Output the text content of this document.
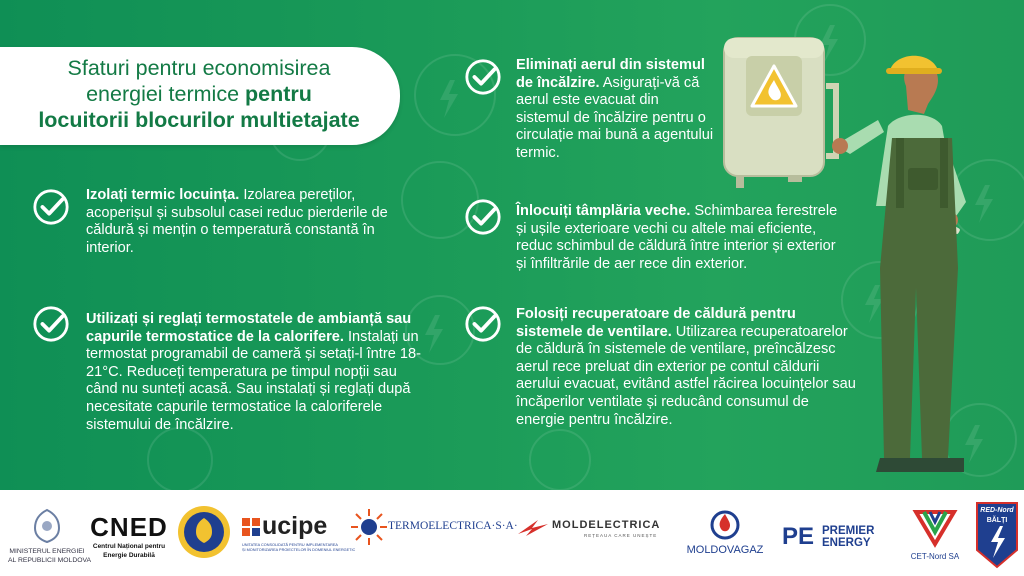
Sfaturi pentru economisirea
energiei termice pentru
locuitorii blocurilor multietajate
Izolați termic locuința. Izolarea pereților, acoperișul și subsolul casei reduc pierderile de căldură și mențin o temperatură constantă în interior.
Utilizați și reglați termostatele de ambianță sau capurile termostatice de la calorifere. Instalați un termostat programabil de cameră și setați-l între 18-21°C. Reduceți temperatura pe timpul nopții sau când nu sunteți acasă. Sau instalați și reglați după necesitate capurile termostatice la caloriferele sistemului de încălzire.
Eliminați aerul din sistemul de încălzire. Asigurați-vă că aerul este evacuat din sistemul de încălzire pentru o circulație mai bună a agentului termic.
Înlocuiți tâmplăria veche. Schimbarea ferestrele și ușile exterioare vechi cu altele mai eficiente, reduc schimbul de căldură între interior și exterior și înfiltrările de aer rece din exterior.
Folosiți recuperatoare de căldură pentru sistemele de ventilare. Utilizarea recuperatoarelor de căldură în sistemele de ventilare, preîncălzesc aerul rece preluat din exterior pe contul căldurii aerului evacuat, evitând astfel răcirea locuințelor sau încăperilor ventilate și reducând consumul de energie pentru încălzire.
MINISTERUL ENERGIEI
AL REPUBLICII MOLDOVA
CNED
Centrul Național pentru
Energie Durabilă
ucipe
UNITATEA CONSOLIDATĂ PENTRU IMPLEMENTAREA
ȘI MONITORIZAREA PROIECTELOR ÎN DOMENIUL ENERGETIC
TERMOELECTRICA·S·A·	MOLDELECTRICA
REȚEAUA CARE UNEȘTE
MOLDOVAGAZ PE PREMIER
ENERGY
CET-Nord SA
RED-Nord
BĂLȚI
